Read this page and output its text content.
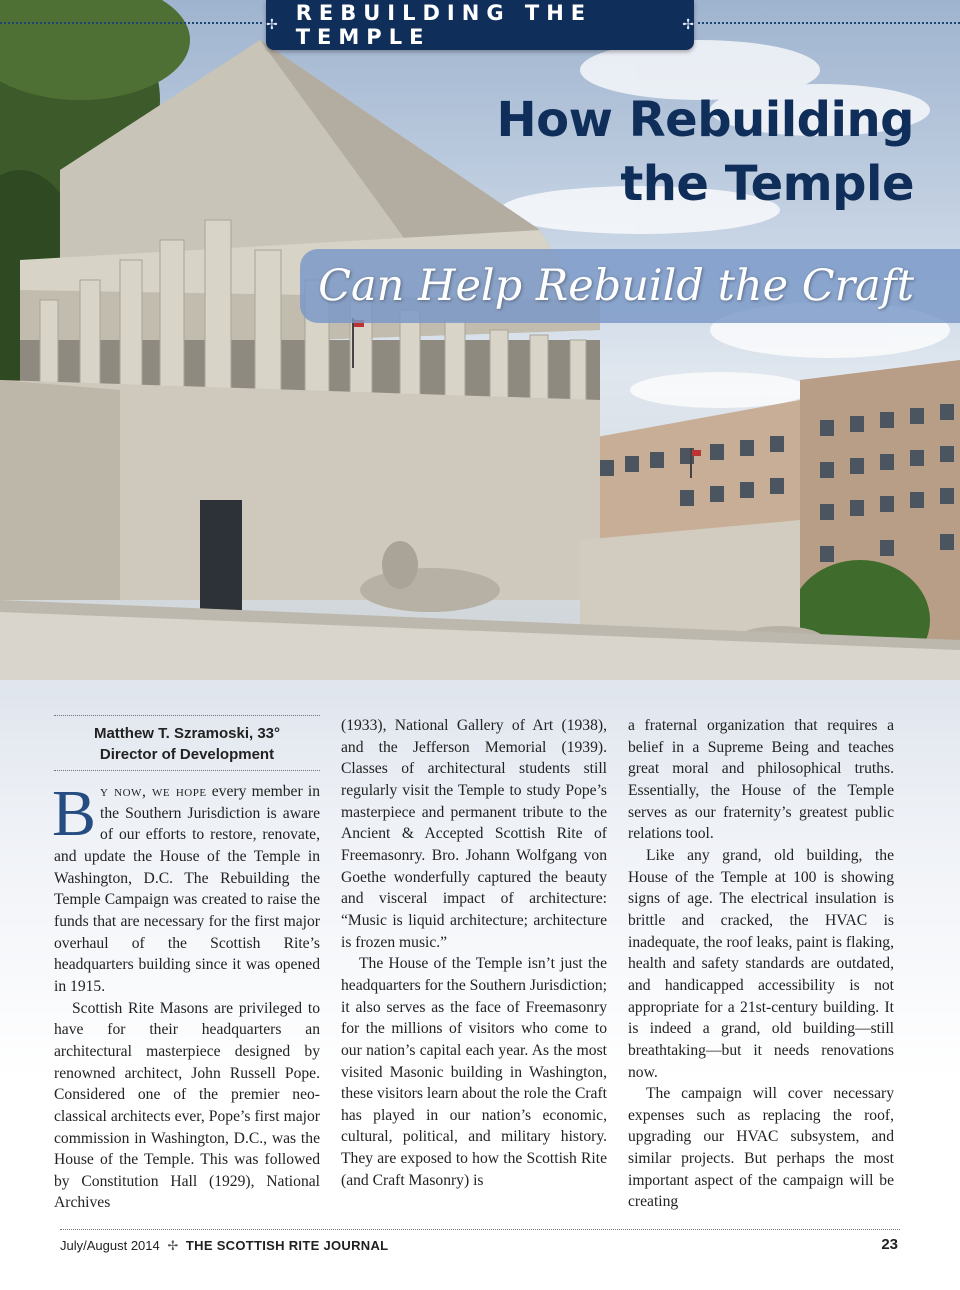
✢ REBUILDING THE TEMPLE	✢
How Rebuilding
the Temple
Can Help Rebuild the Craft
Matthew T. Szramoski, 33°
Director of Development

By now, we hope every member in the Southern Jurisdiction is aware of our efforts to restore, renovate, and update the House of the Temple in Washington, D.C. The Rebuilding the Temple Campaign was created to raise the funds that are necessary for the first major overhaul of the Scottish Rite’s headquarters building since it was opened in 1915.

Scottish Rite Masons are privileged to have for their headquarters an architectural masterpiece designed by renowned architect, John Russell Pope. Considered one of the premier neo-classical architects ever, Pope’s first major commission in Washington, D.C., was the House of the Temple. This was followed by Constitution Hall (1929), National Archives

(1933), National Gallery of Art (1938), and the Jefferson Memorial (1939). Classes of architectural students still regularly visit the Temple to study Pope’s masterpiece and permanent tribute to the Ancient & Accepted Scottish Rite of Freemasonry. Bro. Johann Wolfgang von Goethe wonderfully captured the beauty and visceral impact of architecture: “Music is liquid architecture; architecture is frozen music.”

The House of the Temple isn’t just the headquarters for the Southern Jurisdiction; it also serves as the face of Freemasonry for the millions of visitors who come to our nation’s capital each year. As the most visited Masonic building in Washington, these visitors learn about the role the Craft has played in our nation’s economic, cultural, political, and military history. They are exposed to how the Scottish Rite (and Craft Masonry) is

a fraternal organization that requires a belief in a Supreme Being and teaches great moral and philosophical truths. Essentially, the House of the Temple serves as our fraternity’s greatest public relations tool.

Like any grand, old building, the House of the Temple at 100 is showing signs of age. The electrical insulation is brittle and cracked, the HVAC is inadequate, the roof leaks, paint is flaking, health and safety standards are outdated, and handicapped accessibility is not appropriate for a 21st-century building. It is indeed a grand, old building—still breathtaking—but it needs renovations now.

The campaign will cover necessary expenses such as replacing the roof, upgrading our HVAC subsystem, and similar projects. But perhaps the most important aspect of the campaign will be creating

July/August 2014 ✢ THE SCOTTISH RITE JOURNAL	23
